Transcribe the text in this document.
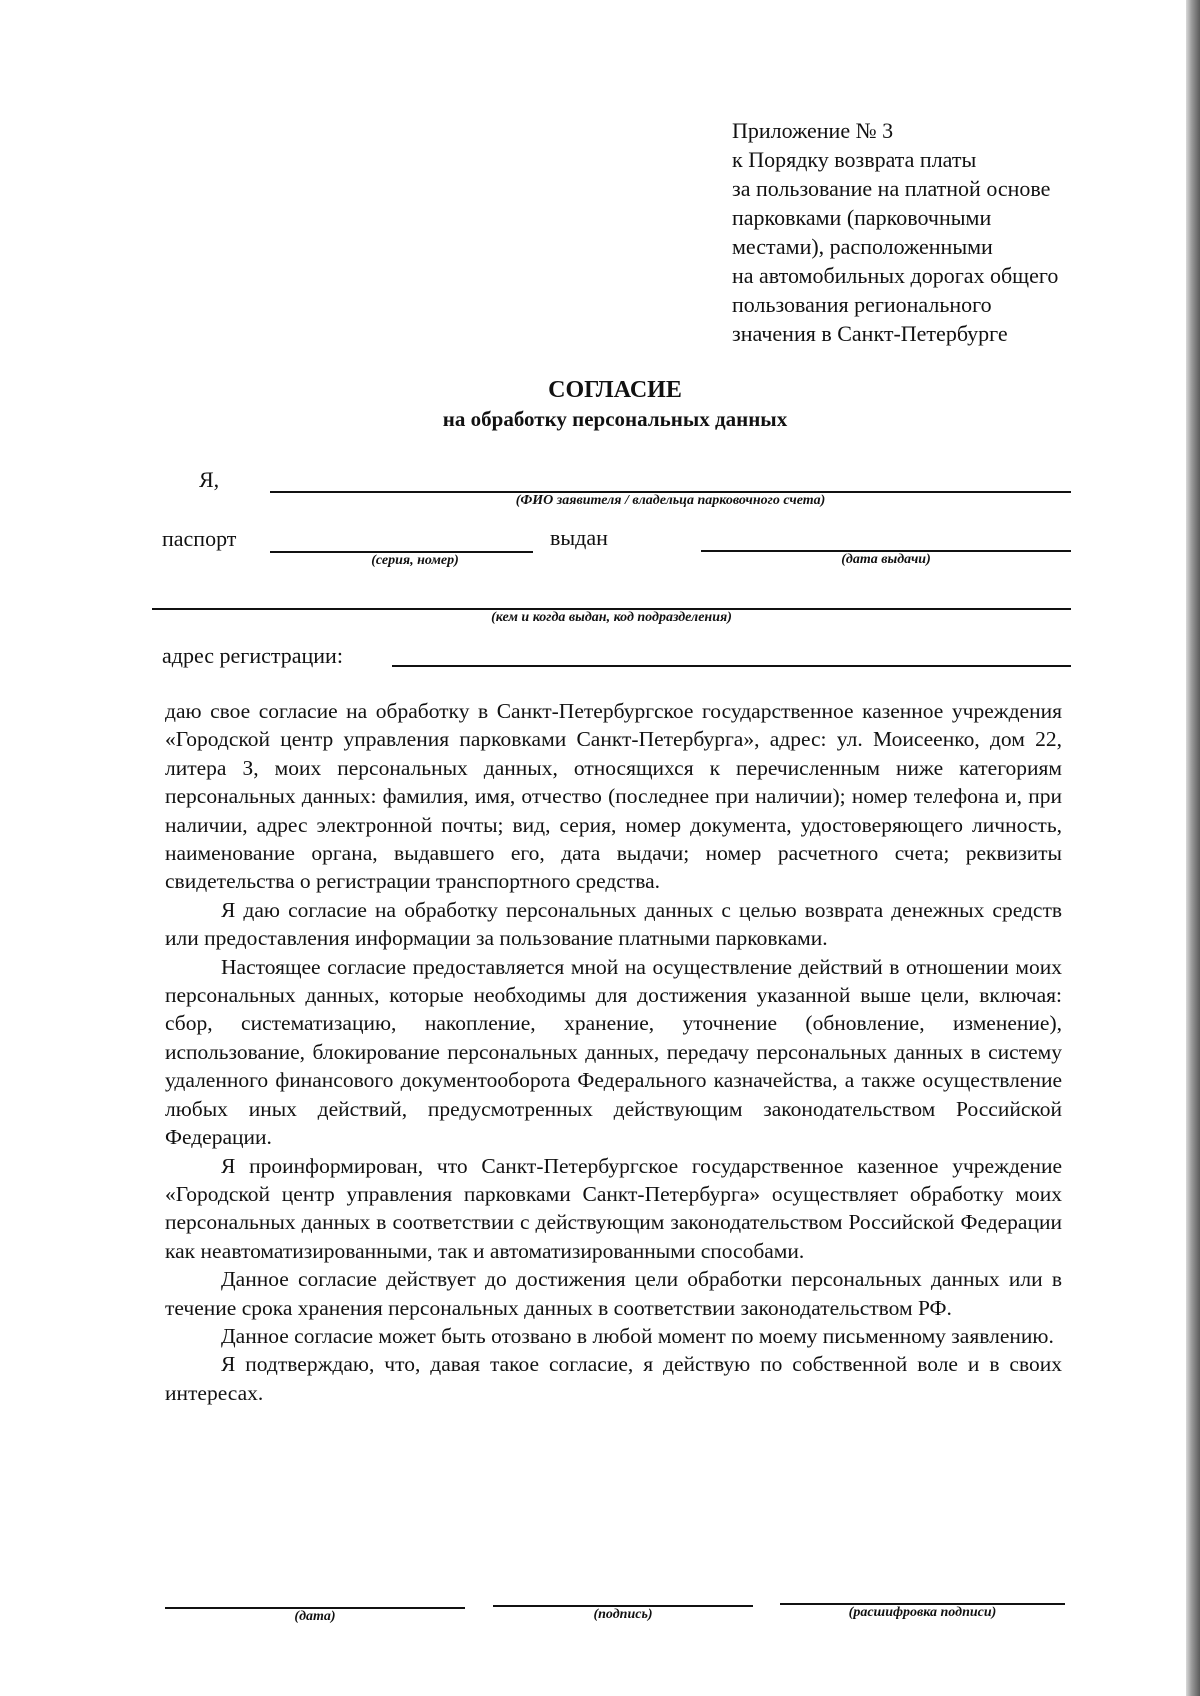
Приложение № 3
к Порядку возврата платы
за пользование на платной основе
парковками (парковочными
местами), расположенными
на автомобильных дорогах общего
пользования регионального
значения в Санкт-Петербурге
СОГЛАСИЕ
на обработку персональных данных
Я,
(ФИО заявителя / владельца парковочного счета)
паспорт
(серия, номер)
выдан
(дата выдачи)
(кем и когда выдан, код подразделения)
адрес регистрации:

даю свое согласие на обработку в Санкт-Петербургское государственное казенное учреждения «Городской центр управления парковками Санкт-Петербурга», адрес: ул. Моисеенко, дом 22, литера З, моих персональных данных, относящихся к перечисленным ниже категориям персональных данных: фамилия, имя, отчество (последнее при наличии); номер телефона и, при наличии, адрес электронной почты; вид, серия, номер документа, удостоверяющего личность, наименование органа, выдавшего его, дата выдачи; номер расчетного счета; реквизиты свидетельства о регистрации транспортного средства.

Я даю согласие на обработку персональных данных с целью возврата денежных средств или предоставления информации за пользование платными парковками.

Настоящее согласие предоставляется мной на осуществление действий в отношении моих персональных данных, которые необходимы для достижения указанной выше цели, включая: сбор, систематизацию, накопление, хранение, уточнение (обновление, изменение), использование, блокирование персональных данных, передачу персональных данных в систему удаленного финансового документооборота Федерального казначейства, а также осуществление любых иных действий, предусмотренных действующим законодательством Российской Федерации.

Я проинформирован, что Санкт-Петербургское государственное казенное учреждение «Городской центр управления парковками Санкт-Петербурга» осуществляет обработку моих персональных данных в соответствии с действующим законодательством Российской Федерации как неавтоматизированными, так и автоматизированными способами.

Данное согласие действует до достижения цели обработки персональных данных или в течение срока хранения персональных данных в соответствии законодательством РФ.

Данное согласие может быть отозвано в любой момент по моему письменному заявлению.

Я подтверждаю, что, давая такое согласие, я действую по собственной воле и в своих интересах.

(дата)	(подпись)	(расшифровка подписи)
